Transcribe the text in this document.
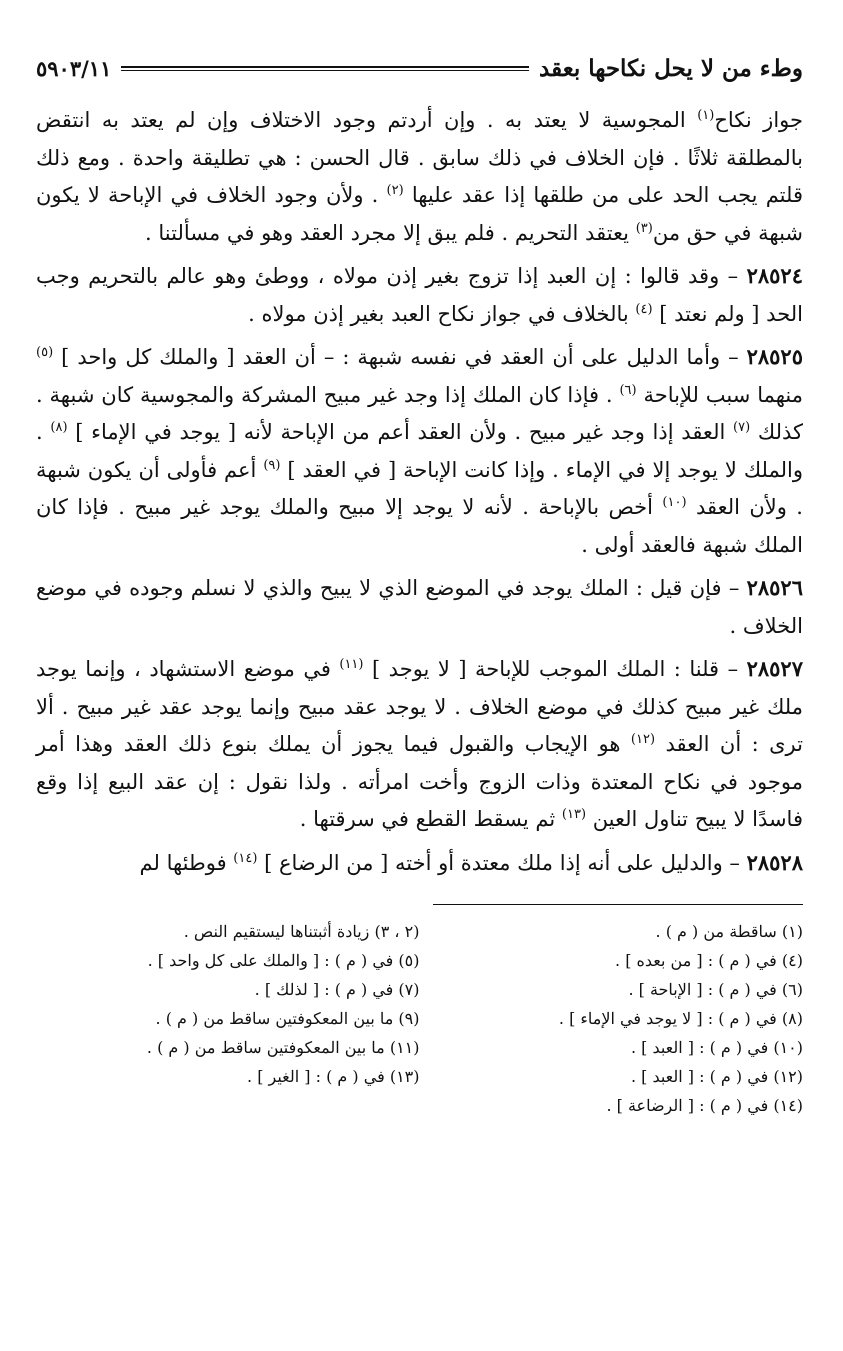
وطء من لا يحل نكاحها بعقد
٥٩٠٣/١١

جواز نكاح$^{(١)}$ المجوسية لا يعتد به . وإن أردتم وجود الاختلاف وإن لم يعتد به انتقض بالمطلقة ثلاثًا . فإن الخلاف في ذلك سابق . قال الحسن : هي تطليقة واحدة . ومع ذلك قلتم يجب الحد على من طلقها إذا عقد عليها $^{(٢)}$ . ولأن وجود الخلاف في الإباحة لا يكون شبهة في حق من$^{(٣)}$ يعتقد التحريم . فلم يبق إلا مجرد العقد وهو في مسألتنا .

٢٨٥٢٤ – وقد قالوا : إن العبد إذا تزوج بغير إذن مولاه ، ووطئ وهو عالم بالتحريم وجب الحد [ ولم نعتد ] $^{(٤)}$ بالخلاف في جواز نكاح العبد بغير إذن مولاه .

٢٨٥٢٥ – وأما الدليل على أن العقد في نفسه شبهة : – أن العقد [ والملك كل واحد ] $^{(٥)}$ منهما سبب للإباحة $^{(٦)}$ . فإذا كان الملك إذا وجد غير مبيح المشركة والمجوسية كان شبهة . كذلك $^{(٧)}$ العقد إذا وجد غير مبيح . ولأن العقد أعم من الإباحة لأنه [ يوجد في الإماء ] $^{(٨)}$ . والملك لا يوجد إلا في الإماء . وإذا كانت الإباحة [ في العقد ] $^{(٩)}$ أعم فأولى أن يكون شبهة . ولأن العقد $^{(١٠)}$ أخص بالإباحة . لأنه لا يوجد إلا مبيح والملك يوجد غير مبيح . فإذا كان الملك شبهة فالعقد أولى .

٢٨٥٢٦ – فإن قيل : الملك يوجد في الموضع الذي لا يبيح والذي لا نسلم وجوده في موضع الخلاف .

٢٨٥٢٧ – قلنا : الملك الموجب للإباحة [ لا يوجد ] $^{(١١)}$ في موضع الاستشهاد ، وإنما يوجد ملك غير مبيح كذلك في موضع الخلاف . لا يوجد عقد مبيح وإنما يوجد عقد غير مبيح . ألا ترى : أن العقد $^{(١٢)}$ هو الإيجاب والقبول فيما يجوز أن يملك بنوع ذلك العقد وهذا أمر موجود في نكاح المعتدة وذات الزوج وأخت امرأته . ولذا نقول : إن عقد البيع إذا وقع فاسدًا لا يبيح تناول العين $^{(١٣)}$ ثم يسقط القطع في سرقتها .

٢٨٥٢٨ – والدليل على أنه إذا ملك معتدة أو أخته [ من الرضاع ] $^{(١٤)}$ فوطئها لم

(١) ساقطة من ( م ) .
(٤) في ( م ) : [ من بعده ] .
(٦) في ( م ) : [ الإباحة ] .
(٨) في ( م ) : [ لا يوجد في الإماء ] .
(١٠) في ( م ) : [ العبد ] .
(١٢) في ( م ) : [ العبد ] .
(١٤) في ( م ) : [ الرضاعة ] .
(٢ ، ٣) زيادة أثبتناها ليستقيم النص .
(٥) في ( م ) : [ والملك على كل واحد ] .
(٧) في ( م ) : [ لذلك ] .
(٩) ما بين المعكوفتين ساقط من ( م ) .
(١١) ما بين المعكوفتين ساقط من ( م ) .
(١٣) في ( م ) : [ الغير ] .
